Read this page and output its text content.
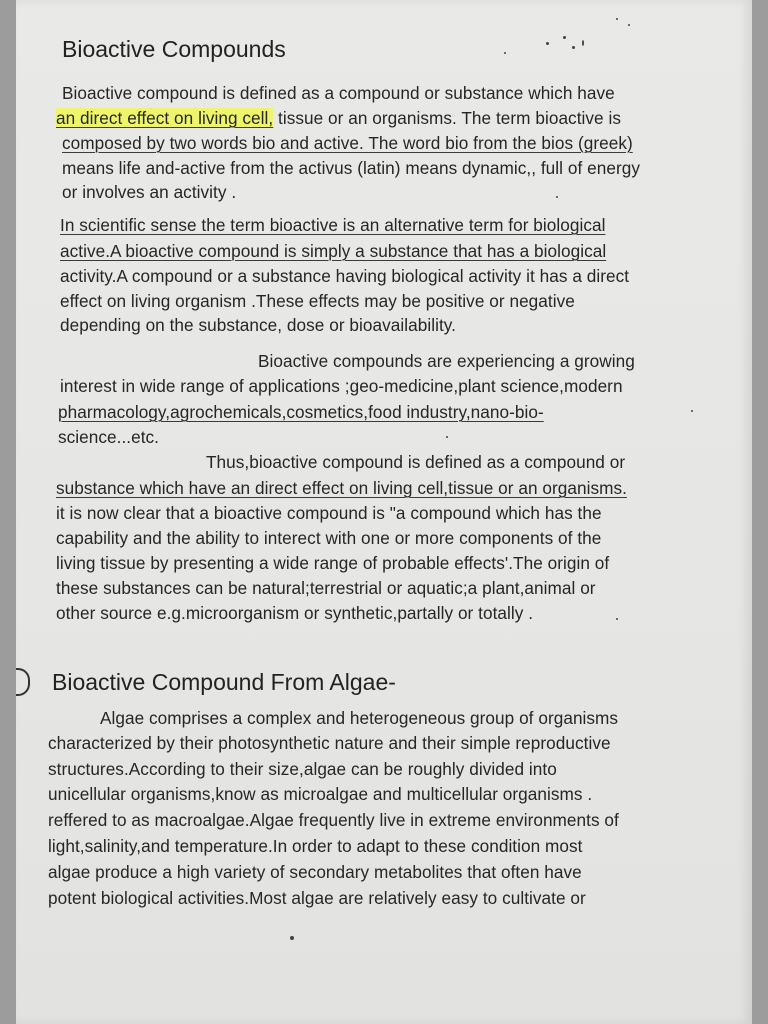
Bioactive Compounds
Bioactive compound is defined as a compound or substance which have
an direct effect on living cell, tissue or an organisms. The term bioactive is
composed by two words bio and active. The word bio from the bios (greek)
means life and-active from the activus (latin) means dynamic,, full of energy
or involves an activity .
In scientific sense the term bioactive is an alternative term for biological
active.A bioactive compound is simply a substance that has a biological
activity.A compound or a substance having biological activity it has a direct
effect on living organism .These effects may be positive or negative
depending on the substance, dose or bioavailability.
Bioactive compounds are experiencing a growing
interest in wide range of applications ;geo-medicine,plant science,modern
pharmacology,agrochemicals,cosmetics,food industry,nano-bio-
science...etc.
Thus,bioactive compound is defined as a compound or
substance which have an direct effect on living cell,tissue or an organisms.
it is now clear that a bioactive compound is "a compound which has the
capability and the ability to interect with one or more components of the
living tissue by presenting a wide range of probable effects'.The origin of
these substances can be natural;terrestrial or aquatic;a plant,animal or
other source e.g.microorganism or synthetic,partally or totally .
Bioactive Compound From Algae-
Algae comprises a complex and heterogeneous group of organisms
characterized by their photosynthetic nature and their simple reproductive
structures.According to their size,algae can be roughly divided into
unicellular organisms,know as microalgae and multicellular organisms .
reffered to as macroalgae.Algae frequently live in extreme environments of
light,salinity,and temperature.In order to adapt to these condition most
algae produce a high variety of secondary metabolites that often have
potent biological activities.Most algae are relatively easy to cultivate or
